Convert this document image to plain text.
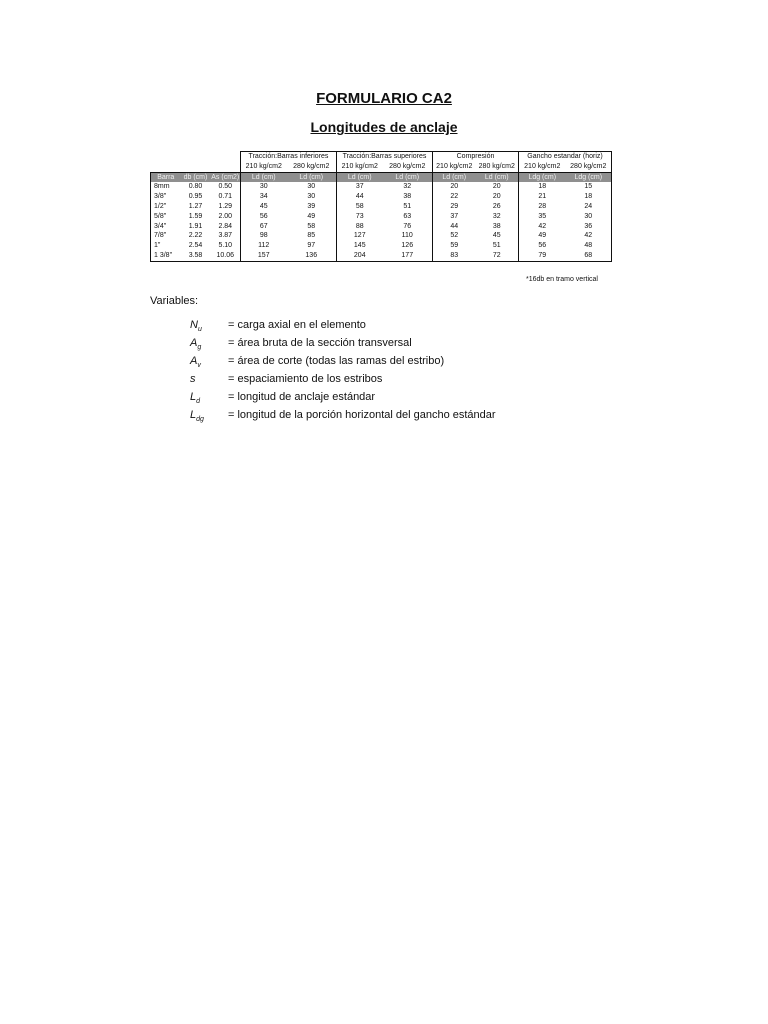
FORMULARIO CA2
Longitudes de anclaje
			Tracción:Barras inferiores		Tracción:Barras superiores		Compresión		Gancho estandar (horiz)	
			210 kg/cm2	280 kg/cm2	210 kg/cm2	280 kg/cm2	210 kg/cm2	280 kg/cm2	210 kg/cm2	280 kg/cm2
Barra	db (cm)	As (cm2)	Ld (cm)	Ld (cm)	Ld (cm)	Ld (cm)	Ld (cm)	Ld (cm)	Ldg (cm)	Ldg (cm)
8mm	0.80	0.50	30	30	37	32	20	20	18	15
3/8"	0.95	0.71	34	30	44	38	22	20	21	18
1/2"	1.27	1.29	45	39	58	51	29	26	28	24
5/8"	1.59	2.00	56	49	73	63	37	32	35	30
3/4"	1.91	2.84	67	58	88	76	44	38	42	36
7/8"	2.22	3.87	98	85	127	110	52	45	49	42
1"	2.54	5.10	112	97	145	126	59	51	56	48
1 3/8"	3.58	10.06	157	136	204	177	83	72	79	68
*16db en tramo vertical
Variables:
$N_u$	= carga axial en el elemento
$A_g$	= área bruta de la sección transversal
$A_v$	= área de corte (todas las ramas del estribo)
s	= espaciamiento de los estribos
$L_d$	= longitud de anclaje estándar
$L_{dg}$	= longitud de la porción horizontal del gancho estándar
